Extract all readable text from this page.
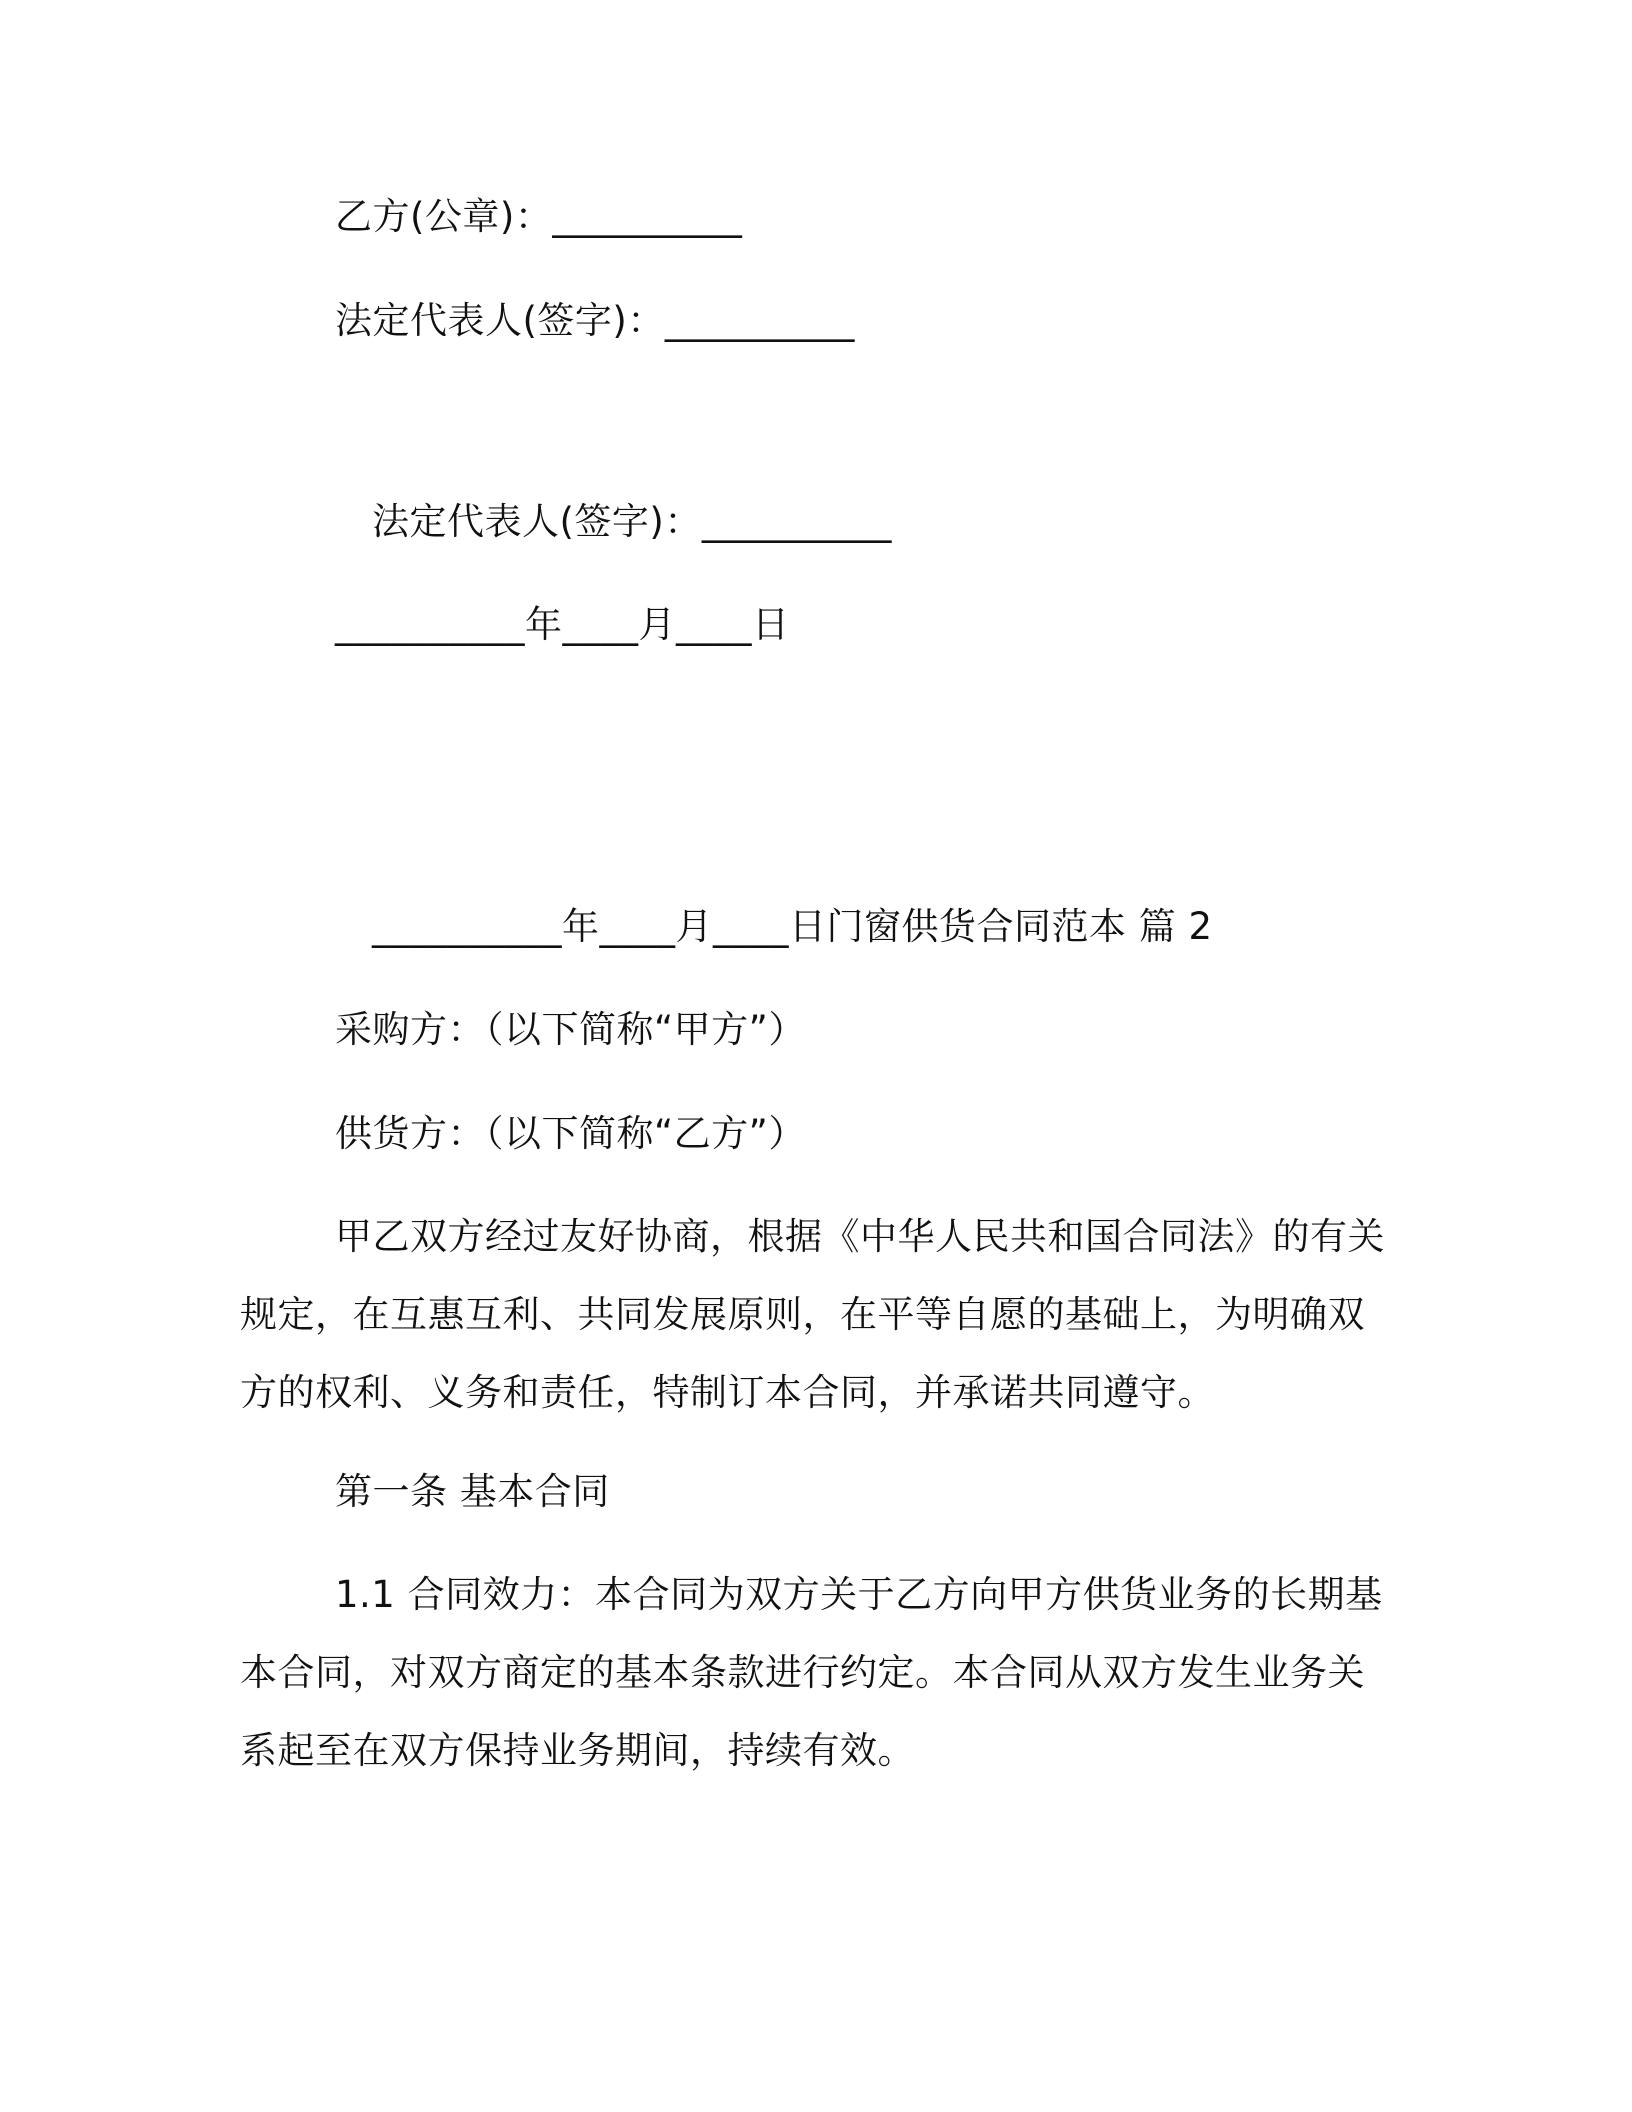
乙方(公章)：__________
法定代表人(签字)：__________
法定代表人(签字)：__________
__________年____月____日
__________年____月____日门窗供货合同范本 篇 2
采购方：（以下简称“甲方”）
供货方：（以下简称“乙方”）
甲乙双方经过友好协商，根据《中华人民共和国合同法》的有关
规定，在互惠互利、共同发展原则，在平等自愿的基础上，为明确双
方的权利、义务和责任，特制订本合同，并承诺共同遵守。
第一条 基本合同
1.1 合同效力：本合同为双方关于乙方向甲方供货业务的长期基
本合同，对双方商定的基本条款进行约定。本合同从双方发生业务关
系起至在双方保持业务期间，持续有效。
